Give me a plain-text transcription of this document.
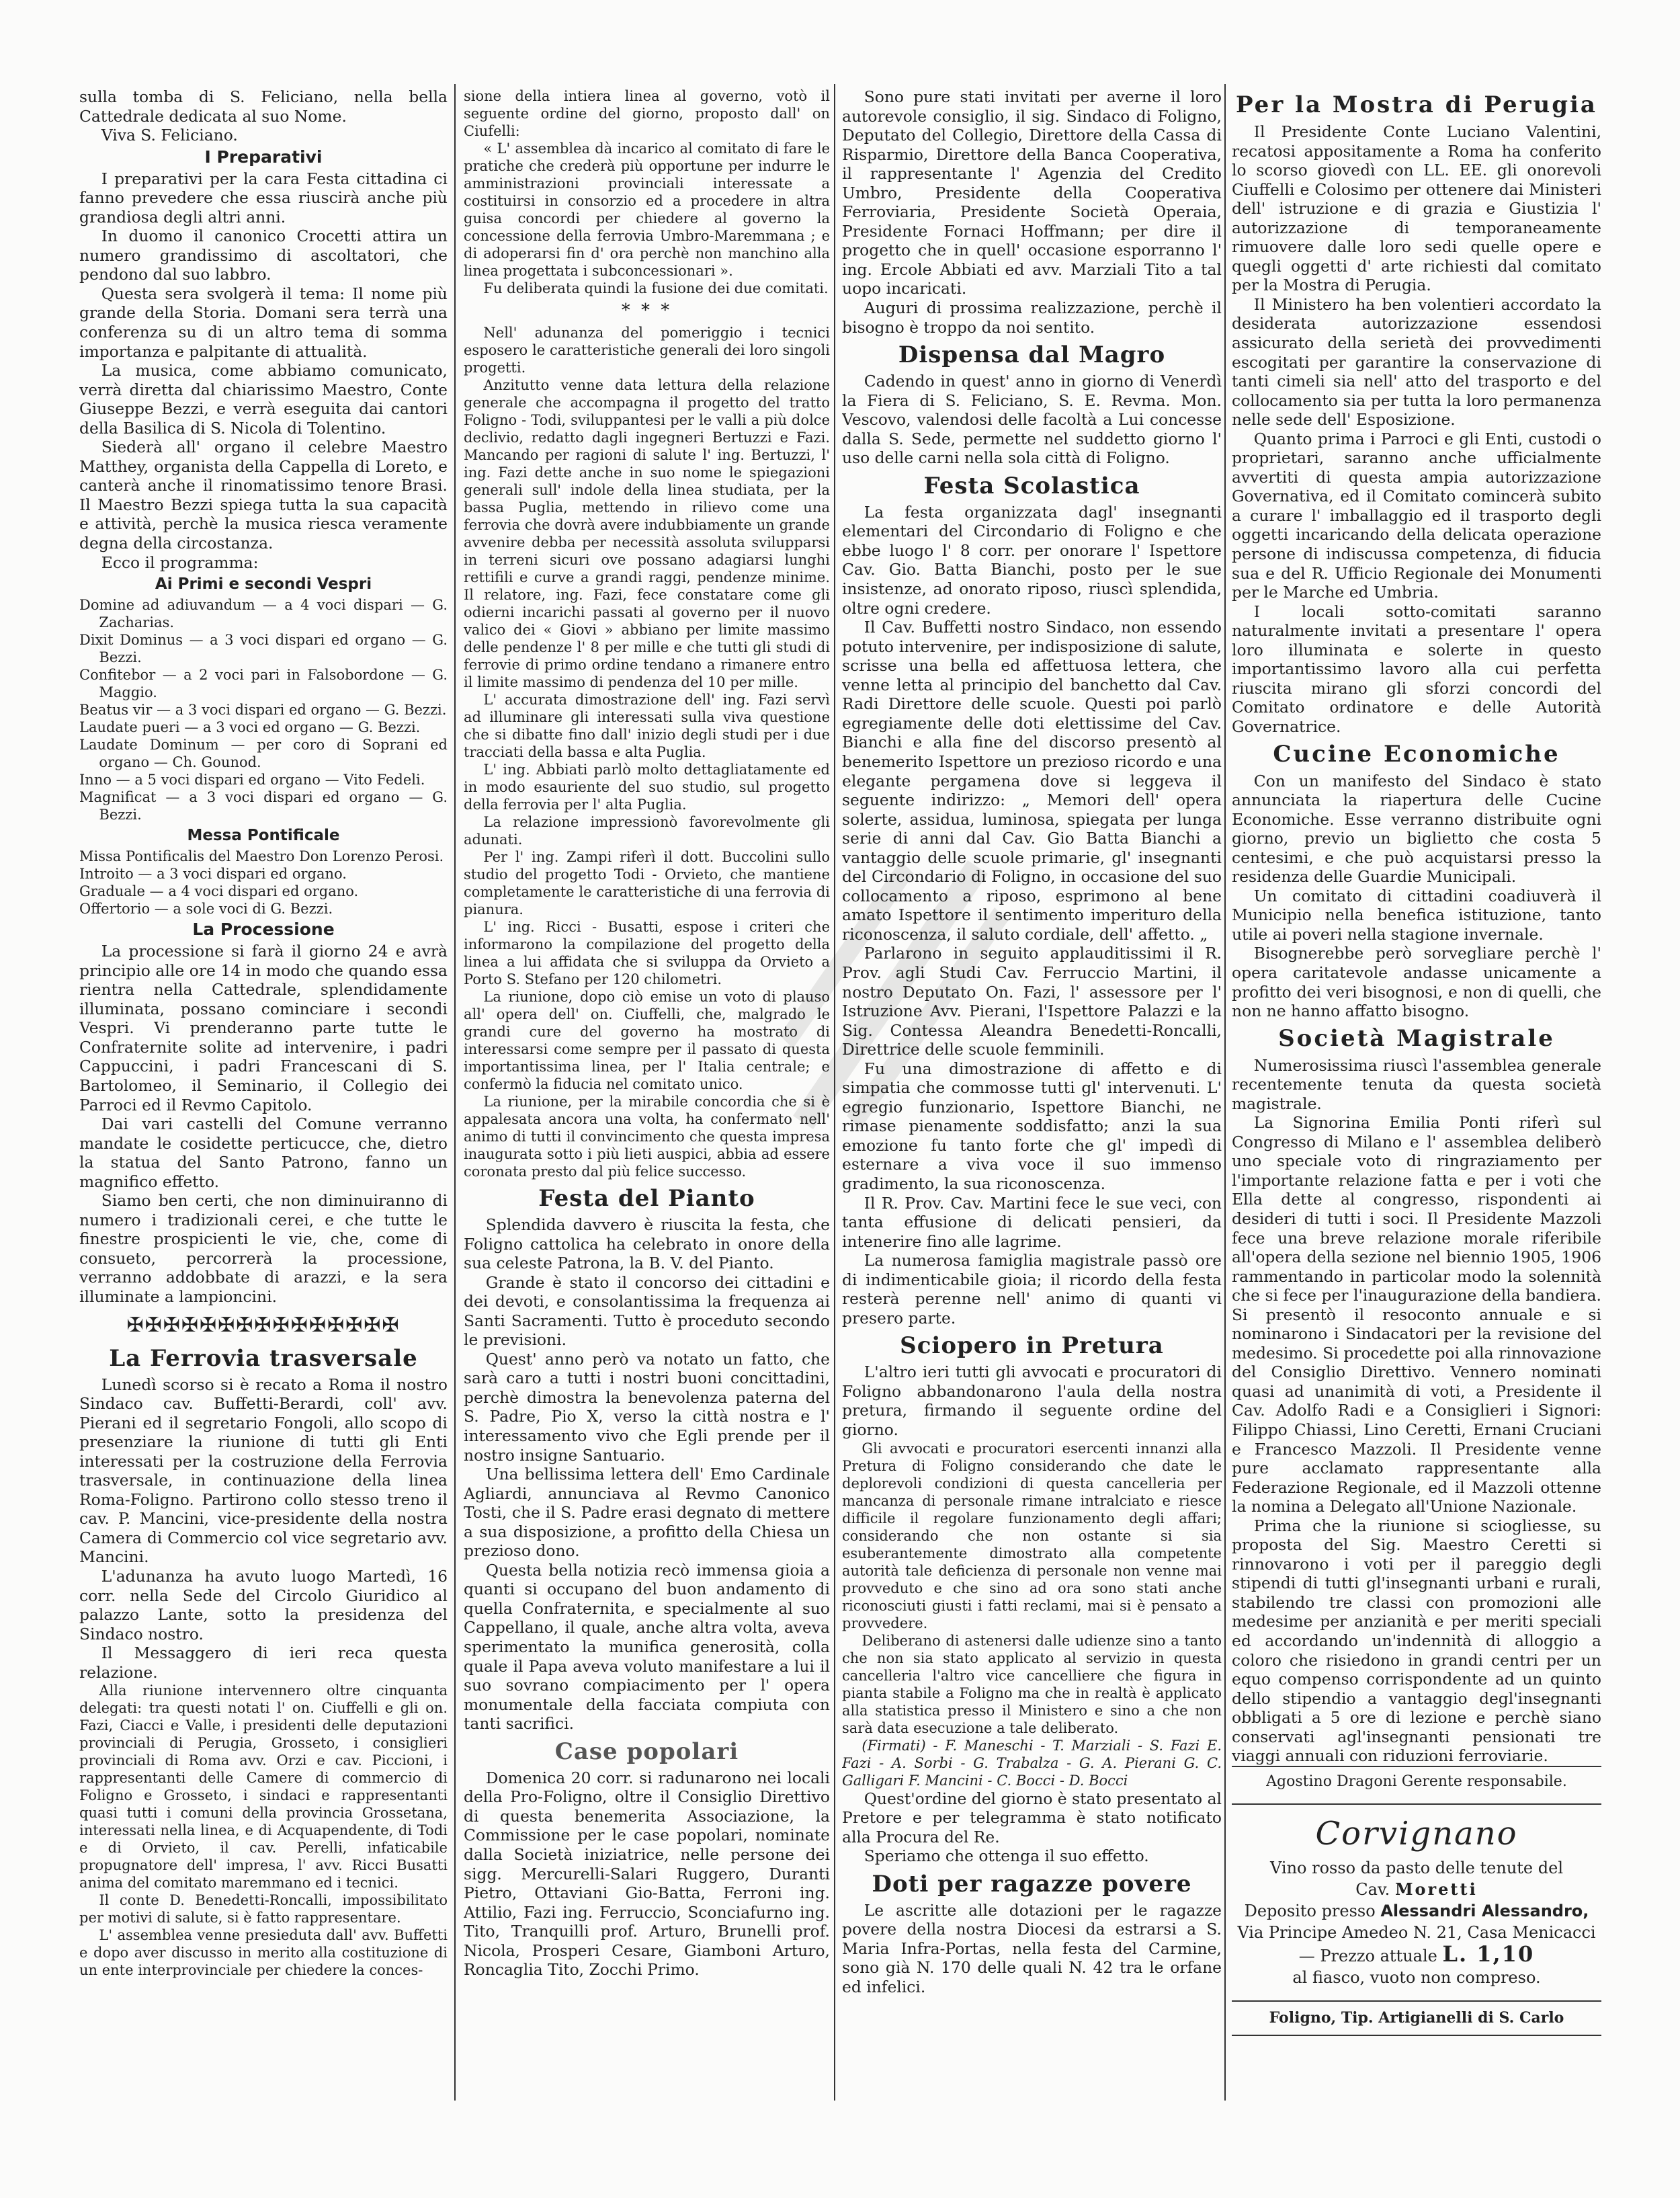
sulla tomba di S. Feliciano, nella bella Cattedrale dedicata al suo Nome.

Viva S. Feliciano.

I Preparativi

I preparativi per la cara Festa cittadina ci fanno prevedere che essa riuscirà anche più grandiosa degli altri anni.

In duomo il canonico Crocetti attira un numero grandissimo di ascoltatori, che pendono dal suo labbro.

Questa sera svolgerà il tema: Il nome più grande della Storia. Domani sera terrà una conferenza su di un altro tema di somma importanza e palpitante di attualità.

La musica, come abbiamo comunicato, verrà diretta dal chiarissimo Maestro, Conte Giuseppe Bezzi, e verrà eseguita dai cantori della Basilica di S. Nicola di Tolentino.

Siederà all' organo il celebre Maestro Matthey, organista della Cappella di Loreto, e canterà anche il rinomatissimo tenore Brasi. Il Maestro Bezzi spiega tutta la sua capacità e attività, perchè la musica riesca veramente degna della circostanza.

Ecco il programma:

Ai Primi e secondi Vespri

Domine ad adiuvandum — a 4 voci dispari — G. Zacharias.

Dixit Dominus — a 3 voci dispari ed organo — G. Bezzi.

Confitebor — a 2 voci pari in Falsobordone — G. Maggio.

Beatus vir — a 3 voci dispari ed organo — G. Bezzi.

Laudate pueri — a 3 voci ed organo — G. Bezzi.

Laudate Dominum — per coro di Soprani ed organo — Ch. Gounod.

Inno — a 5 voci dispari ed organo — Vito Fedeli.

Magnificat — a 3 voci dispari ed organo — G. Bezzi.

Messa Pontificale

Missa Pontificalis del Maestro Don Lorenzo Perosi.

Introito — a 3 voci dispari ed organo.

Graduale — a 4 voci dispari ed organo.

Offertorio — a sole voci di G. Bezzi.

La Processione

La processione si farà il giorno 24 e avrà principio alle ore 14 in modo che quando essa rientra nella Cattedrale, splendidamente illuminata, possano cominciare i secondi Vespri. Vi prenderanno parte tutte le Confraternite solite ad intervenire, i padri Cappuccini, i padri Francescani di S. Bartolomeo, il Seminario, il Collegio dei Parroci ed il Revmo Capitolo.

Dai vari castelli del Comune verranno mandate le cosidette perticucce, che, dietro la statua del Santo Patrono, fanno un magnifico effetto.

Siamo ben certi, che non diminuiranno di numero i tradizionali cerei, e che tutte le finestre prospicienti le vie, che, come di consueto, percorrerà la processione, verranno addobbate di arazzi, e la sera illuminate a lampioncini.

✠✠✠✠✠✠✠✠✠✠✠✠✠✠✠
La Ferrovia trasversale

Lunedì scorso si è recato a Roma il nostro Sindaco cav. Buffetti-Berardi, coll' avv. Pierani ed il segretario Fongoli, allo scopo di presenziare la riunione di tutti gli Enti interessati per la costruzione della Ferrovia trasversale, in continuazione della linea Roma-Foligno. Partirono collo stesso treno il cav. P. Mancini, vice-presidente della nostra Camera di Commercio col vice segretario avv. Mancini.

L'adunanza ha avuto luogo Martedì, 16 corr. nella Sede del Circolo Giuridico al palazzo Lante, sotto la presidenza del Sindaco nostro.

Il Messaggero di ieri reca questa relazione.

Alla riunione intervennero oltre cinquanta delegati: tra questi notati l' on. Ciuffelli e gli on. Fazi, Ciacci e Valle, i presidenti delle deputazioni provinciali di Perugia, Grosseto, i consiglieri provinciali di Roma avv. Orzi e cav. Piccioni, i rappresentanti delle Camere di commercio di Foligno e Grosseto, i sindaci e rappresentanti quasi tutti i comuni della provincia Grossetana, interessati nella linea, e di Acquapendente, di Todi e di Orvieto, il cav. Perelli, infaticabile propugnatore dell' impresa, l' avv. Ricci Busatti anima del comitato maremmano ed i tecnici.

Il conte D. Benedetti-Roncalli, impossibilitato per motivi di salute, si è fatto rappresentare.

L' assemblea venne presieduta dall' avv. Buffetti e dopo aver discusso in merito alla costituzione di un ente interprovinciale per chiedere la conces-

sione della intiera linea al governo, votò il seguente ordine del giorno, proposto dall' on Ciufelli:

« L' assemblea dà incarico al comitato di fare le pratiche che crederà più opportune per indurre le amministrazioni provinciali interessate a costituirsi in consorzio ed a procedere in altra guisa concordi per chiedere al governo la concessione della ferrovia Umbro-Maremmana ; e di adoperarsi fin d' ora perchè non manchino alla linea progettata i subconcessionari ».

Fu deliberata quindi la fusione dei due comitati.

* * *

Nell' adunanza del pomeriggio i tecnici esposero le caratteristiche generali dei loro singoli progetti.

Anzitutto venne data lettura della relazione generale che accompagna il progetto del tratto Foligno - Todi, sviluppantesi per le valli a più dolce declivio, redatto dagli ingegneri Bertuzzi e Fazi. Mancando per ragioni di salute l' ing. Bertuzzi, l' ing. Fazi dette anche in suo nome le spiegazioni generali sull' indole della linea studiata, per la bassa Puglia, mettendo in rilievo come una ferrovia che dovrà avere indubbiamente un grande avvenire debba per necessità assoluta svilupparsi in terreni sicuri ove possano adagiarsi lunghi rettifili e curve a grandi raggi, pendenze minime. Il relatore, ing. Fazi, fece constatare come gli odierni incarichi passati al governo per il nuovo valico dei « Giovi » abbiano per limite massimo delle pendenze l' 8 per mille e che tutti gli studi di ferrovie di primo ordine tendano a rimanere entro il limite massimo di pendenza del 10 per mille.

L' accurata dimostrazione dell' ing. Fazi servì ad illuminare gli interessati sulla viva questione che si dibatte fino dall' inizio degli studi per i due tracciati della bassa e alta Puglia.

L' ing. Abbiati parlò molto dettagliatamente ed in modo esauriente del suo studio, sul progetto della ferrovia per l' alta Puglia.

La relazione impressionò favorevolmente gli adunati.

Per l' ing. Zampi riferì il dott. Buccolini sullo studio del progetto Todi - Orvieto, che mantiene completamente le caratteristiche di una ferrovia di pianura.

L' ing. Ricci - Busatti, espose i criteri che informarono la compilazione del progetto della linea a lui affidata che si sviluppa da Orvieto a Porto S. Stefano per 120 chilometri.

La riunione, dopo ciò emise un voto di plauso all' opera dell' on. Ciuffelli, che, malgrado le grandi cure del governo ha mostrato di interessarsi come sempre per il passato di questa importantissima linea, per l' Italia centrale; e confermò la fiducia nel comitato unico.

La riunione, per la mirabile concordia che si è appalesata ancora una volta, ha confermato nell' animo di tutti il convincimento che questa impresa inaugurata sotto i più lieti auspici, abbia ad essere coronata presto dal più felice successo.

Festa del Pianto

Splendida davvero è riuscita la festa, che Foligno cattolica ha celebrato in onore della sua celeste Patrona, la B. V. del Pianto.

Grande è stato il concorso dei cittadini e dei devoti, e consolantissima la frequenza ai Santi Sacramenti. Tutto è proceduto secondo le previsioni.

Quest' anno però va notato un fatto, che sarà caro a tutti i nostri buoni concittadini, perchè dimostra la benevolenza paterna del S. Padre, Pio X, verso la città nostra e l' interessamento vivo che Egli prende per il nostro insigne Santuario.

Una bellissima lettera dell' Emo Cardinale Agliardi, annunciava al Revmo Canonico Tosti, che il S. Padre erasi degnato di mettere a sua disposizione, a profitto della Chiesa un prezioso dono.

Questa bella notizia recò immensa gioia a quanti si occupano del buon andamento di quella Confraternita, e specialmente al suo Cappellano, il quale, anche altra volta, aveva sperimentato la munifica generosità, colla quale il Papa aveva voluto manifestare a lui il suo sovrano compiacimento per l' opera monumentale della facciata compiuta con tanti sacrifici.

Case popolari

Domenica 20 corr. si radunarono nei locali della Pro-Foligno, oltre il Consiglio Direttivo di questa benemerita Associazione, la Commissione per le case popolari, nominate dalla Società iniziatrice, nelle persone dei sigg. Mercurelli-Salari Ruggero, Duranti Pietro, Ottaviani Gio-Batta, Ferroni ing. Attilio, Fazi ing. Ferruccio, Sconciafurno ing. Tito, Tranquilli prof. Arturo, Brunelli prof. Nicola, Prosperi Cesare, Giamboni Arturo, Roncaglia Tito, Zocchi Primo.

Sono pure stati invitati per averne il loro autorevole consiglio, il sig. Sindaco di Foligno, Deputato del Collegio, Direttore della Cassa di Risparmio, Direttore della Banca Cooperativa, il rappresentante l' Agenzia del Credito Umbro, Presidente della Cooperativa Ferroviaria, Presidente Società Operaia, Presidente Fornaci Hoffmann; per dire il progetto che in quell' occasione esporranno l' ing. Ercole Abbiati ed avv. Marziali Tito a tal uopo incaricati.

Auguri di prossima realizzazione, perchè il bisogno è troppo da noi sentito.

Dispensa dal Magro

Cadendo in quest' anno in giorno di Venerdì la Fiera di S. Feliciano, S. E. Revma. Mon. Vescovo, valendosi delle facoltà a Lui concesse dalla S. Sede, permette nel suddetto giorno l' uso delle carni nella sola città di Foligno.

Festa Scolastica

La festa organizzata dagl' insegnanti elementari del Circondario di Foligno e che ebbe luogo l' 8 corr. per onorare l' Ispettore Cav. Gio. Batta Bianchi, posto per le sue insistenze, ad onorato riposo, riuscì splendida, oltre ogni credere.

Il Cav. Buffetti nostro Sindaco, non essendo potuto intervenire, per indisposizione di salute, scrisse una bella ed affettuosa lettera, che venne letta al principio del banchetto dal Cav. Radi Direttore delle scuole. Questi poi parlò egregiamente delle doti elettissime del Cav. Bianchi e alla fine del discorso presentò al benemerito Ispettore un prezioso ricordo e una elegante pergamena dove si leggeva il seguente indirizzo: „ Memori dell' opera solerte, assidua, luminosa, spiegata per lunga serie di anni dal Cav. Gio Batta Bianchi a vantaggio delle scuole primarie, gl' insegnanti del Circondario di Foligno, in occasione del suo collocamento a riposo, esprimono al bene amato Ispettore il sentimento imperituro della riconoscenza, il saluto cordiale, dell' affetto. „

Parlarono in seguito applauditissimi il R. Prov. agli Studi Cav. Ferruccio Martini, il nostro Deputato On. Fazi, l' assessore per l' Istruzione Avv. Pierani, l'Ispettore Palazzi e la Sig. Contessa Aleandra Benedetti-Roncalli, Direttrice delle scuole femminili.

Fu una dimostrazione di affetto e di simpatia che commosse tutti gl' intervenuti. L' egregio funzionario, Ispettore Bianchi, ne rimase pienamente soddisfatto; anzi la sua emozione fu tanto forte che gl' impedì di esternare a viva voce il suo immenso gradimento, la sua riconoscenza.

Il R. Prov. Cav. Martini fece le sue veci, con tanta effusione di delicati pensieri, da intenerire fino alle lagrime.

La numerosa famiglia magistrale passò ore di indimenticabile gioia; il ricordo della festa resterà perenne nell' animo di quanti vi presero parte.

Sciopero in Pretura

L'altro ieri tutti gli avvocati e procuratori di Foligno abbandonarono l'aula della nostra pretura, firmando il seguente ordine del giorno.

Gli avvocati e procuratori esercenti innanzi alla Pretura di Foligno considerando che date le deplorevoli condizioni di questa cancelleria per mancanza di personale rimane intralciato e riesce difficile il regolare funzionamento degli affari; considerando che non ostante si sia esuberantemente dimostrato alla competente autorità tale deficienza di personale non venne mai provveduto e che sino ad ora sono stati anche riconosciuti giusti i fatti reclami, mai si è pensato a provvedere.

Deliberano di astenersi dalle udienze sino a tanto che non sia stato applicato al servizio in questa cancelleria l'altro vice cancelliere che figura in pianta stabile a Foligno ma che in realtà è applicato alla statistica presso il Ministero e sino a che non sarà data esecuzione a tale deliberato.

(Firmati) - F. Maneschi - T. Marziali - S. Fazi E. Fazi - A. Sorbi - G. Trabalza - G. A. Pierani G. C. Galligari F. Mancini - C. Bocci - D. Bocci

Quest'ordine del giorno è stato presentato al Pretore e per telegramma è stato notificato alla Procura del Re.

Speriamo che ottenga il suo effetto.

Doti per ragazze povere

Le ascritte alle dotazioni per le ragazze povere della nostra Diocesi da estrarsi a S. Maria Infra-Portas, nella festa del Carmine, sono già N. 170 delle quali N. 42 tra le orfane ed infelici.

Per la Mostra di Perugia

Il Presidente Conte Luciano Valentini, recatosi appositamente a Roma ha conferito lo scorso giovedì con LL. EE. gli onorevoli Ciuffelli e Colosimo per ottenere dai Ministeri dell' istruzione e di grazia e Giustizia l' autorizzazione di temporaneamente rimuovere dalle loro sedi quelle opere e quegli oggetti d' arte richiesti dal comitato per la Mostra di Perugia.

Il Ministero ha ben volentieri accordato la desiderata autorizzazione essendosi assicurato della serietà dei provvedimenti escogitati per garantire la conservazione di tanti cimeli sia nell' atto del trasporto e del collocamento sia per tutta la loro permanenza nelle sede dell' Esposizione.

Quanto prima i Parroci e gli Enti, custodi o proprietari, saranno anche ufficialmente avvertiti di questa ampia autorizzazione Governativa, ed il Comitato comincerà subito a curare l' imballaggio ed il trasporto degli oggetti incaricando della delicata operazione persone di indiscussa competenza, di fiducia sua e del R. Ufficio Regionale dei Monumenti per le Marche ed Umbria.

I locali sotto-comitati saranno naturalmente invitati a presentare l' opera loro illuminata e solerte in questo importantissimo lavoro alla cui perfetta riuscita mirano gli sforzi concordi del Comitato ordinatore e delle Autorità Governatrice.

Cucine Economiche

Con un manifesto del Sindaco è stato annunciata la riapertura delle Cucine Economiche. Esse verranno distribuite ogni giorno, previo un biglietto che costa 5 centesimi, e che può acquistarsi presso la residenza delle Guardie Municipali.

Un comitato di cittadini coadiuverà il Municipio nella benefica istituzione, tanto utile ai poveri nella stagione invernale.

Bisognerebbe però sorvegliare perchè l' opera caritatevole andasse unicamente a profitto dei veri bisognosi, e non di quelli, che non ne hanno affatto bisogno.

Società Magistrale

Numerosissima riuscì l'assemblea generale recentemente tenuta da questa società magistrale.

La Signorina Emilia Ponti riferì sul Congresso di Milano e l' assemblea deliberò uno speciale voto di ringraziamento per l'importante relazione fatta e per i voti che Ella dette al congresso, rispondenti ai desideri di tutti i soci. Il Presidente Mazzoli fece una breve relazione morale riferibile all'opera della sezione nel biennio 1905, 1906 rammentando in particolar modo la solennità che si fece per l'inaugurazione della bandiera. Si presentò il resoconto annuale e si nominarono i Sindacatori per la revisione del medesimo. Si procedette poi alla rinnovazione del Consiglio Direttivo. Vennero nominati quasi ad unanimità di voti, a Presidente il Cav. Adolfo Radi e a Consiglieri i Signori: Filippo Chiassi, Lino Ceretti, Ernani Cruciani e Francesco Mazzoli. Il Presidente venne pure acclamato rappresentante alla Federazione Regionale, ed il Mazzoli ottenne la nomina a Delegato all'Unione Nazionale.

Prima che la riunione si sciogliesse, su proposta del Sig. Maestro Ceretti si rinnovarono i voti per il pareggio degli stipendi di tutti gl'insegnanti urbani e rurali, stabilendo tre classi con promozioni alle medesime per anzianità e per meriti speciali ed accordando un'indennità di alloggio a coloro che risiedono in grandi centri per un equo compenso corrispondente ad un quinto dello stipendio a vantaggio degl'insegnanti obbligati a 5 ore di lezione e perchè siano conservati agl'insegnanti pensionati tre viaggi annuali con riduzioni ferroviarie.

Agostino Dragoni Gerente responsabile.
Corvignano
Vino rosso da pasto delle tenute del
Cav. Moretti
Deposito presso Alessandri Alessandro,
Via Principe Amedeo N. 21, Casa Menicacci — Prezzo attuale L. 1,10
al fiasco, vuoto non compreso.
Foligno, Tip. Artigianelli di S. Carlo
